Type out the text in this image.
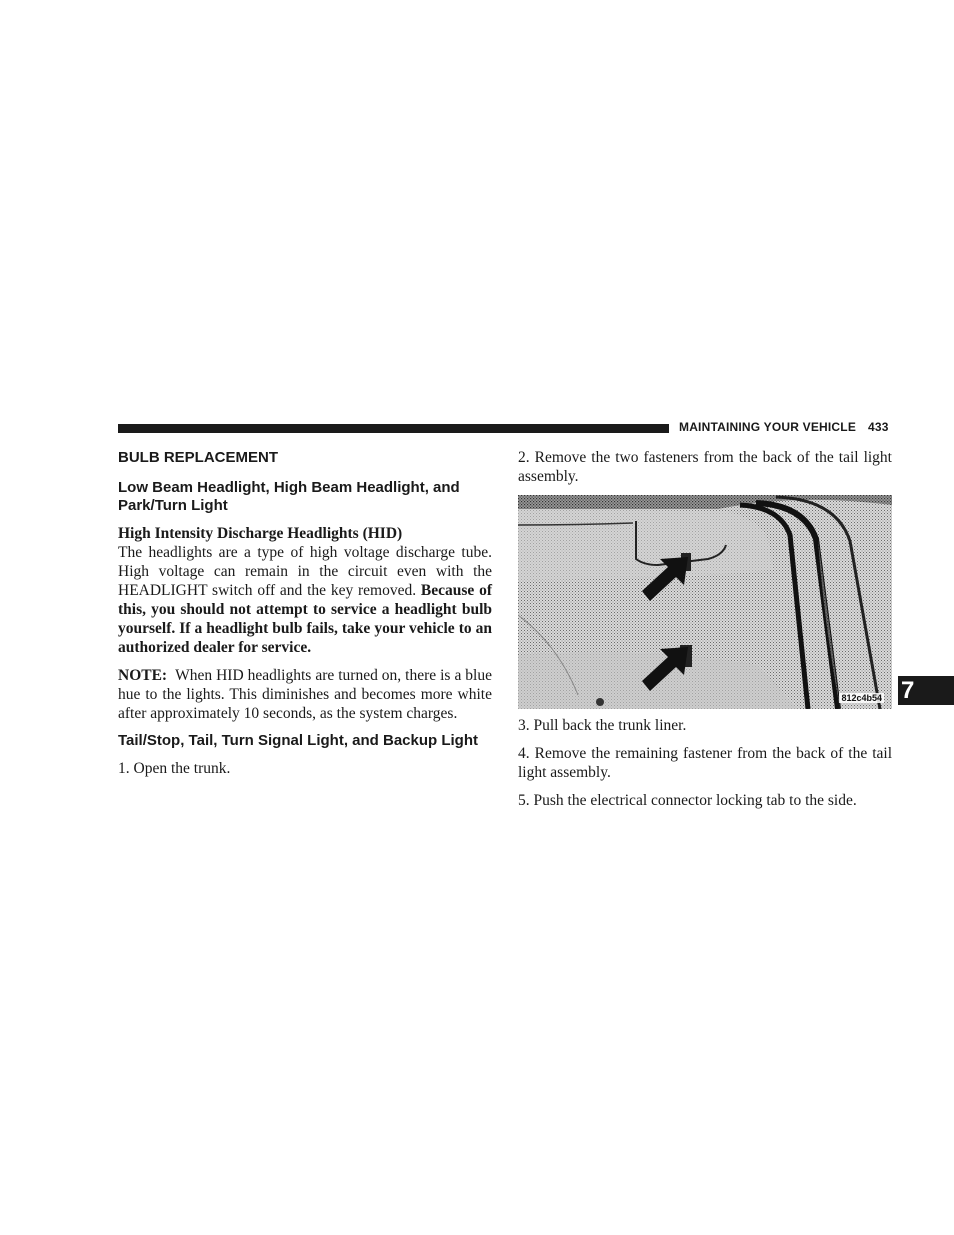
MAINTAINING YOUR VEHICLE 433
BULB REPLACEMENT
Low Beam Headlight, High Beam Headlight, and Park/Turn Light
High Intensity Discharge Headlights (HID)

The headlights are a type of high voltage discharge tube. High voltage can remain in the circuit even with the HEADLIGHT switch off and the key removed. Because of this, you should not attempt to service a headlight bulb yourself. If a headlight bulb fails, take your vehicle to an authorized dealer for service.

NOTE: When HID headlights are turned on, there is a blue hue to the lights. This diminishes and becomes more white after approximately 10 seconds, as the system charges.

Tail/Stop, Tail, Turn Signal Light, and Backup Light

1. Open the trunk.

2. Remove the two fasteners from the back of the tail light assembly.

812c4b54

3. Pull back the trunk liner.

4. Remove the remaining fastener from the back of the tail light assembly.

5. Push the electrical connector locking tab to the side.

7
